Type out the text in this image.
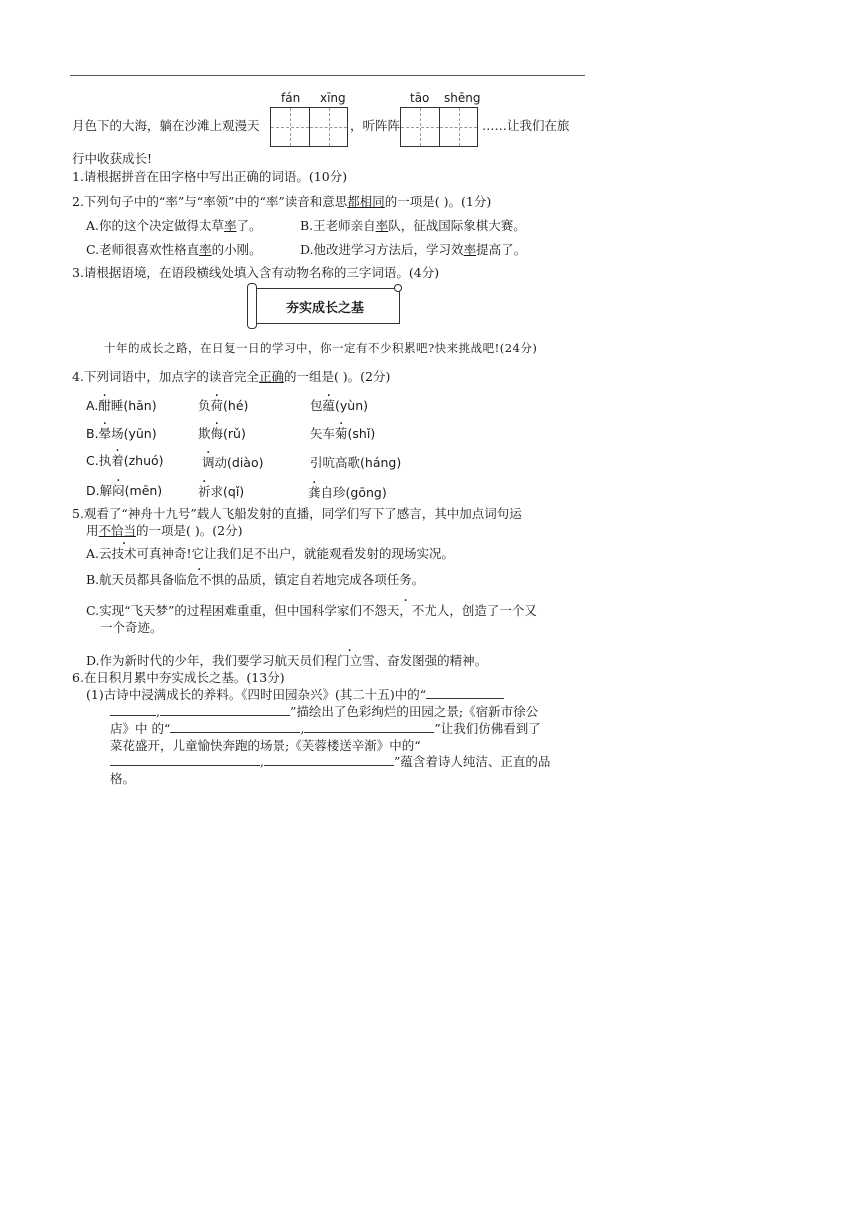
fán xīng	tāo shēng
月色下的大海，躺在沙滩上观漫天	，听阵阵	……让我们在旅
行中收获成长!
1.请根据拼音在田字格中写出正确的词语。(10分)
2.下列句子中的“率”与“率领”中的“率”读音和意思都相同的一项是( )。(1分)
A.你的这个决定做得太草率了。	B.王老师亲自率队，征战国际象棋大赛。
C.老师很喜欢性格直率的小刚。	D.他改进学习方法后，学习效率提高了。
3.请根据语境，在语段横线处填入含有动物名称的三字词语。(4分)
夯实成长之基
十年的成长之路，在日复一日的学习中，你一定有不少积累吧?快来挑战吧!(24分)
4.下列词语中，加点字的读音完全正确的一组是( )。(2分)
A.酣睡(hān)	负荷(hé)	包蕴(yùn)
B.晕场(yūn)	欺侮(rǔ)	矢车菊(shǐ)
C.执着(zhuó)	调动(diào)	引吭高歌(háng)
D.解闷(mēn)	祈求(qǐ)	龚自珍(gōng)
5.观看了“神舟十九号”载人飞船发射的直播，同学们写下了感言，其中加点词句运
用不恰当的一项是( )。(2分)
A.云技术可真神奇!它让我们足不出户，就能观看发射的现场实况。
B.航天员都具备临危不惧的品质，镇定自若地完成各项任务。
C.实现“飞天梦”的过程困难重重，但中国科学家们· 不怨天，不尤人，创造了一个又
一个奇迹。
D.作为新时代的少年，我们要学习航天员们程门立雪、奋发图强的精神。
6.在日积月累中夯实成长之基。(13分)
(1)古诗中浸满成长的养料。《四时田园杂兴》(其二十五)中的“
,	”描绘出了色彩绚烂的田园之景;《宿新市徐公
店》中 的“	,	”让我们仿佛看到了
菜花盛开，儿童愉快奔跑的场景;《芙蓉楼送辛渐》中的“
,	”蕴含着诗人纯洁、正直的品
格。
